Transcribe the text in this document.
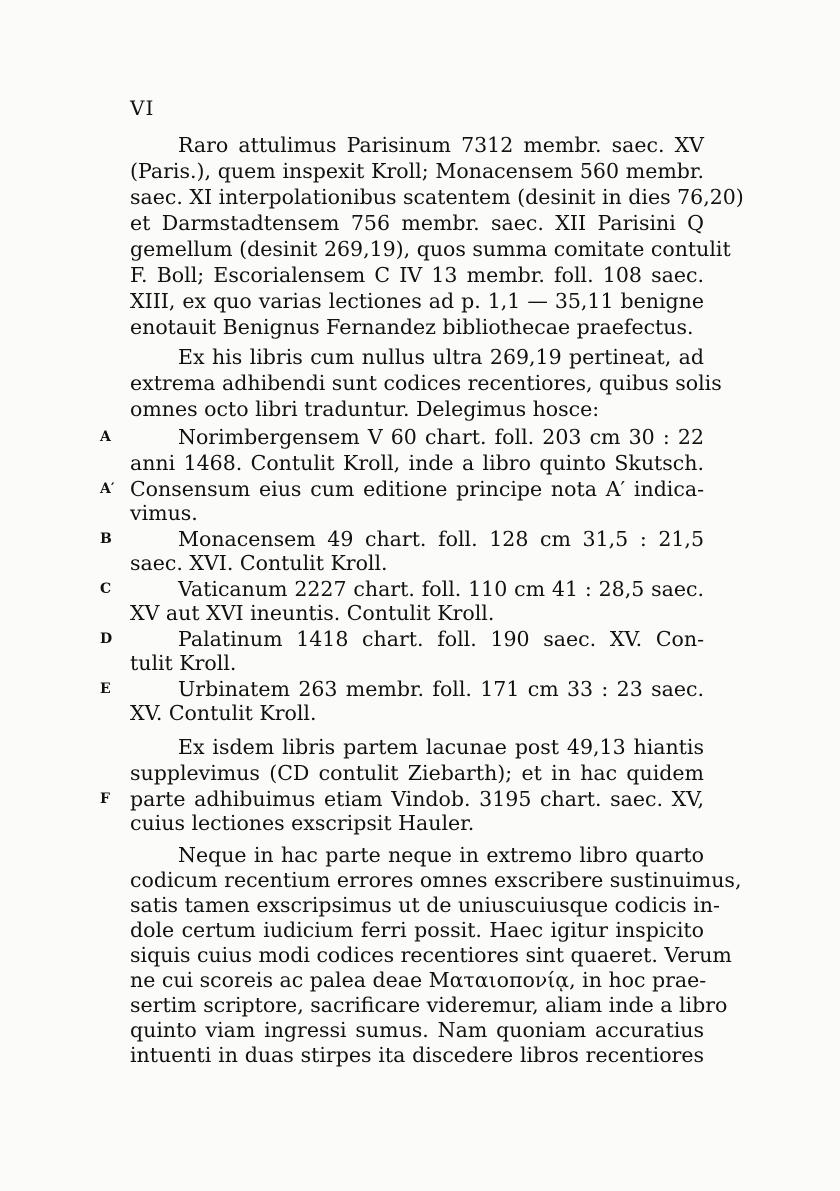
VI
Raro attulimus Parisinum 7312 membr. saec. XV
(Paris.), quem inspexit Kroll; Monacensem 560 membr.
saec. XI interpolationibus scatentem (desinit in dies 76,20)
et Darmstadtensem 756 membr. saec. XII Parisini Q
gemellum (desinit 269,19), quos summa comitate contulit
F. Boll; Escorialensem C IV 13 membr. foll. 108 saec.
XIII, ex quo varias lectiones ad p. 1,1 — 35,11 benigne
enotauit Benignus Fernandez bibliothecae praefectus.
Ex his libris cum nullus ultra 269,19 pertineat, ad
extrema adhibendi sunt codices recentiores, quibus solis
omnes octo libri traduntur. Delegimus hosce:
A	Norimbergensem V 60 chart. foll. 203 cm 30 : 22
anni 1468. Contulit Kroll, inde a libro quinto Skutsch.
A′ Consensum eius cum editione principe nota A′ indica-
vimus.
B	Monacensem 49 chart. foll. 128 cm 31,5 : 21,5
saec. XVI. Contulit Kroll.
C	Vaticanum 2227 chart. foll. 110 cm 41 : 28,5 saec.
XV aut XVI ineuntis. Contulit Kroll.
D	Palatinum 1418 chart. foll. 190 saec. XV. Con-
tulit Kroll.
E	Urbinatem 263 membr. foll. 171 cm 33 : 23 saec.
XV. Contulit Kroll.
Ex isdem libris partem lacunae post 49,13 hiantis
supplevimus (CD contulit Ziebarth); et in hac quidem
F parte adhibuimus etiam Vindob. 3195 chart. saec. XV,
cuius lectiones exscripsit Hauler.
Neque in hac parte neque in extremo libro quarto
codicum recentium errores omnes exscribere sustinuimus,
satis tamen exscripsimus ut de uniuscuiusque codicis in-
dole certum iudicium ferri possit. Haec igitur inspicito
siquis cuius modi codices recentiores sint quaeret. Verum
ne cui scoreis ac palea deae Ματαιοπονίᾳ, in hoc prae-
sertim scriptore, sacrificare videremur, aliam inde a libro
quinto viam ingressi sumus. Nam quoniam accuratius
intuenti in duas stirpes ita discedere libros recentiores
